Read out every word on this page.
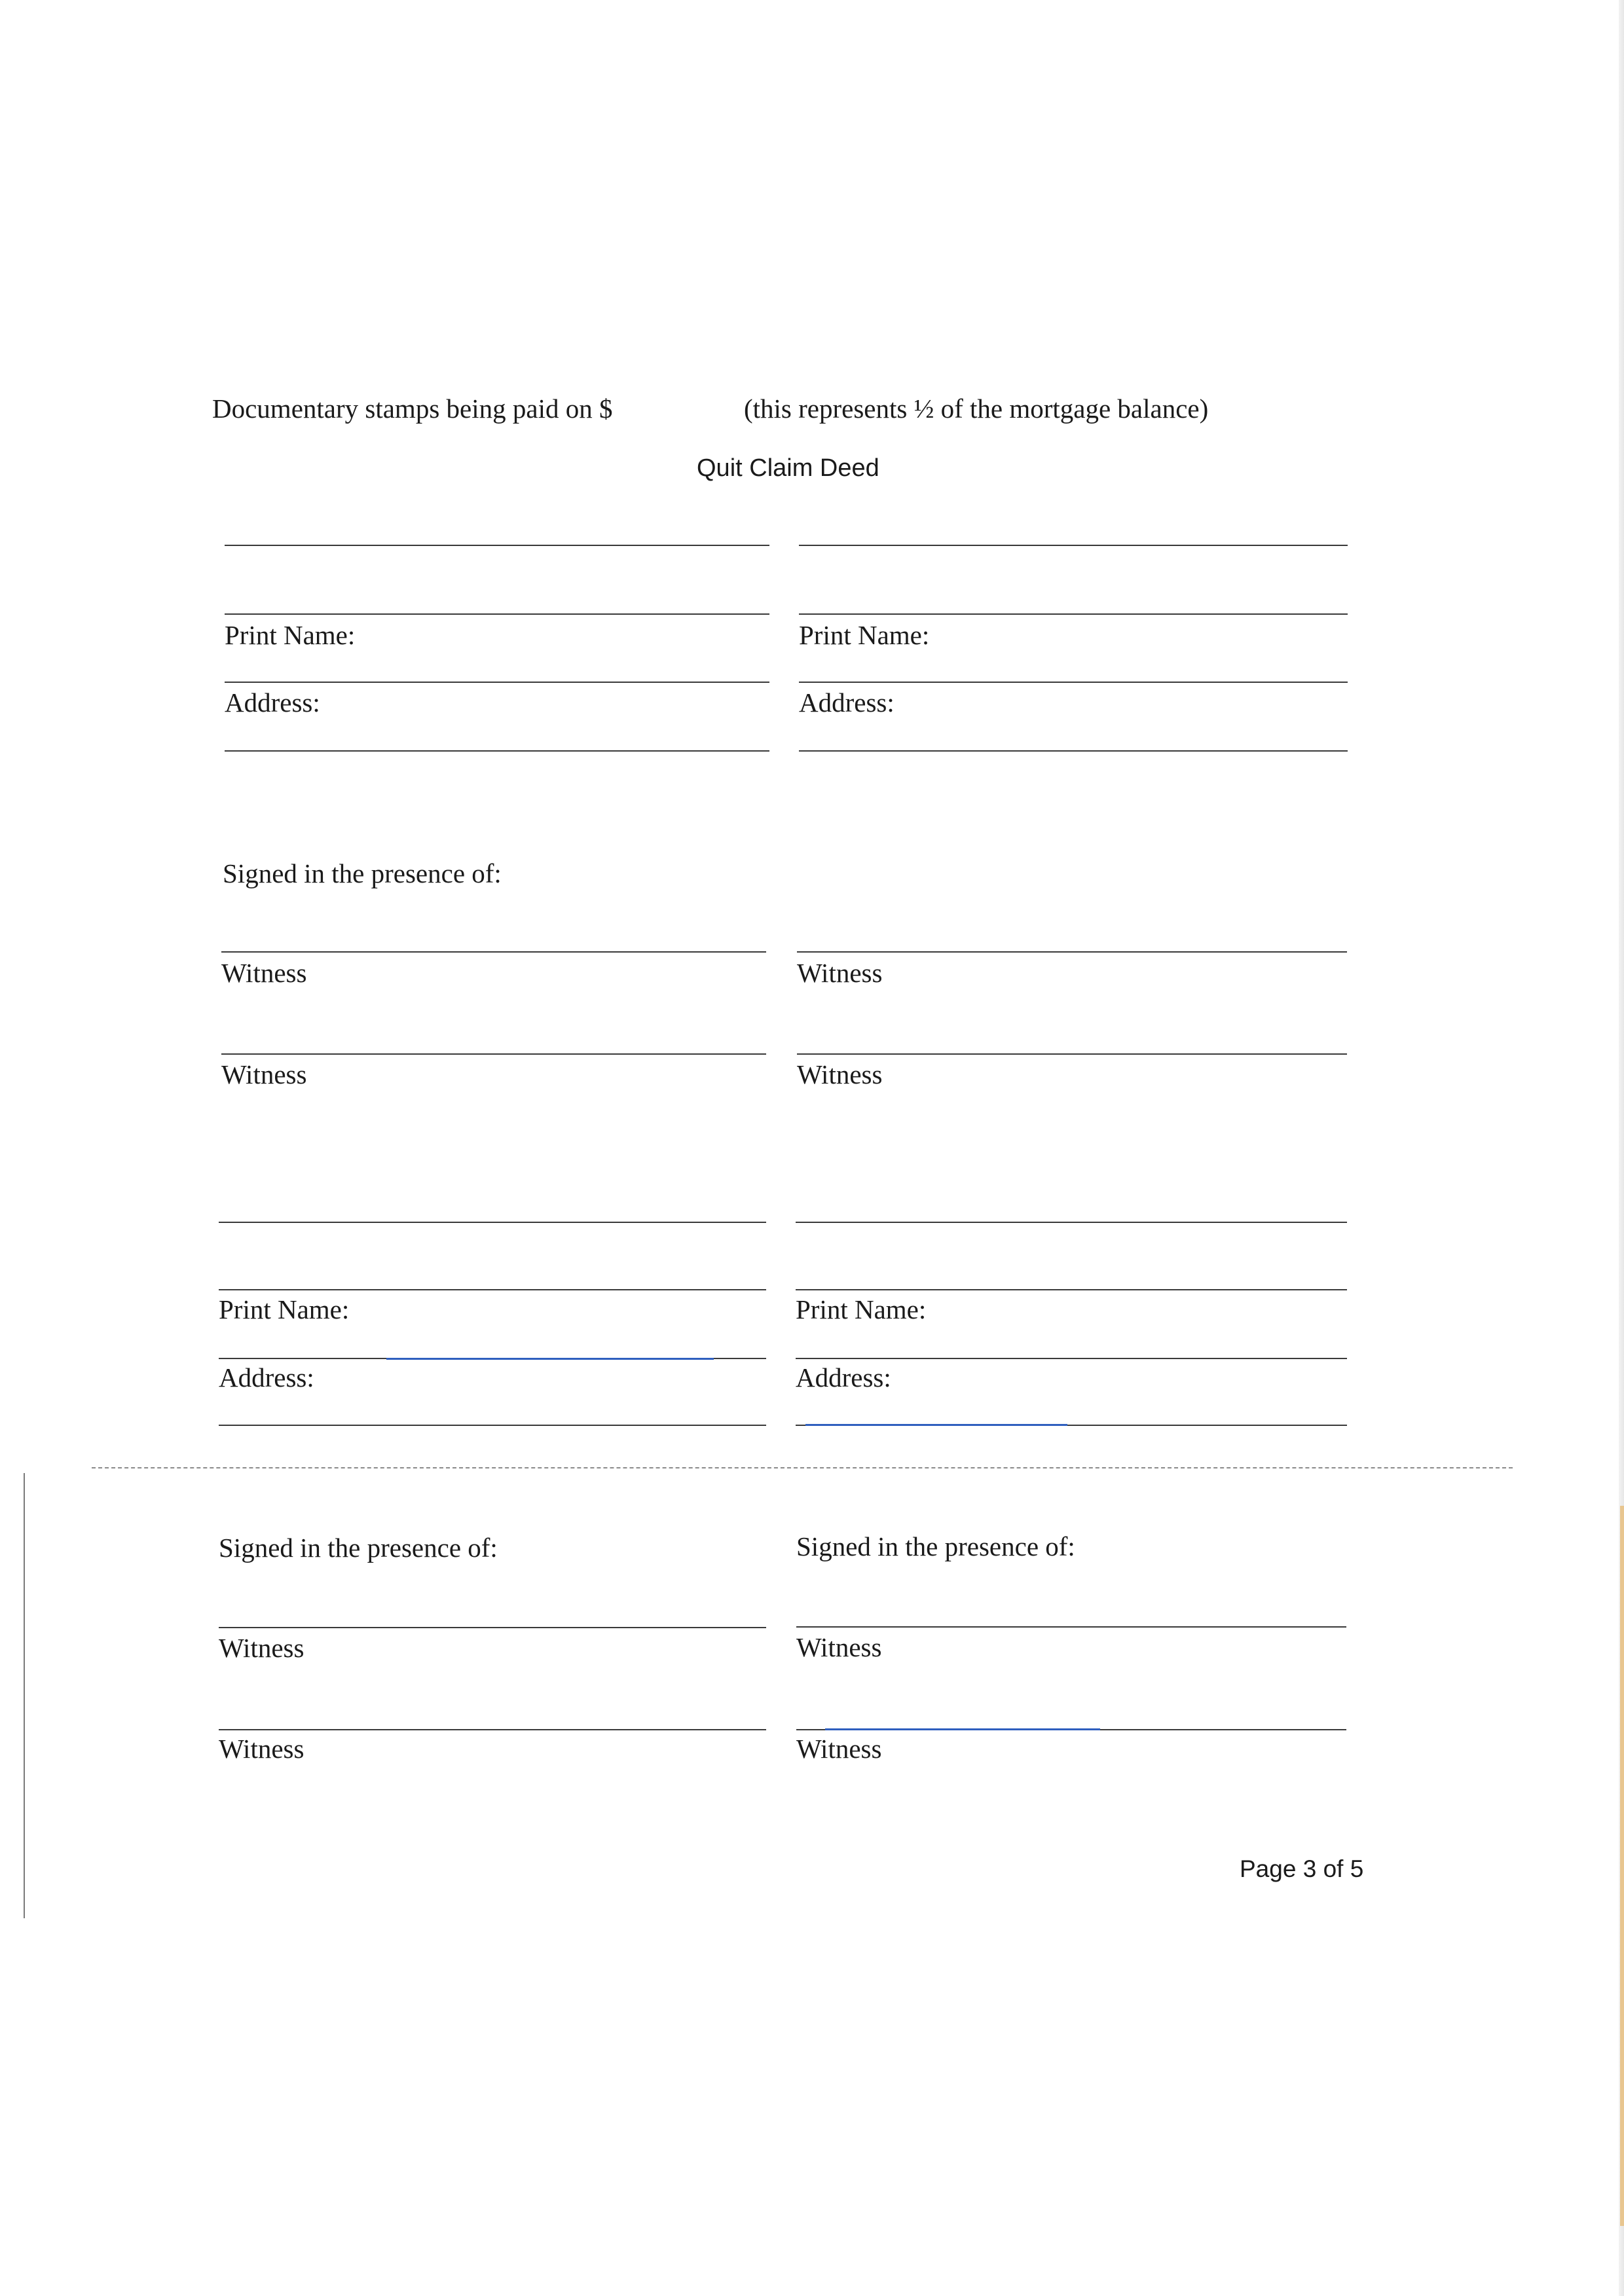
Documentary stamps being paid on $	(this represents ½ of the mortgage balance)
Quit Claim Deed
Print Name:
Address:
Print Name:
Address:
Signed in the presence of:
Witness
Witness
Witness
Witness
Print Name:
Address:
Print Name:
Address:
Signed in the presence of:	Signed in the presence of:
Witness
Witness
Witness
Witness
Page 3 of 5
